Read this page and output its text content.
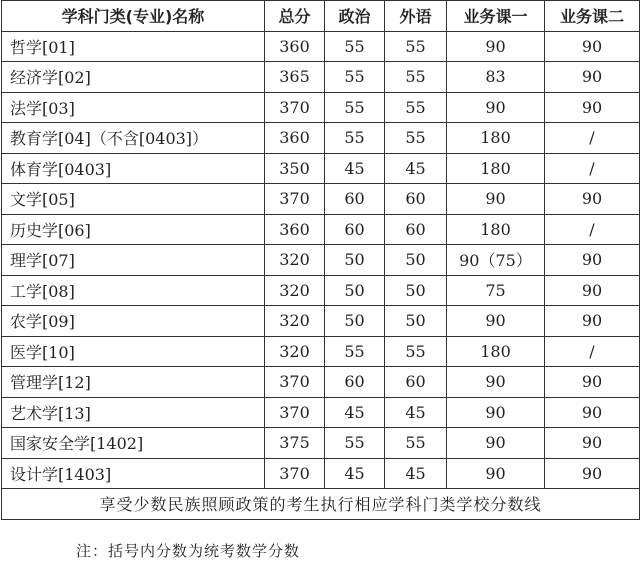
学科门类(专业)名称	总分	政治	外语	业务课一	业务课二
哲学[01]	360	55	55	90	90
经济学[02]	365	55	55	83	90
法学[03]	370	55	55	90	90
教育学[04]（不含[0403]）	360	55	55	180	/
体育学[0403]	350	45	45	180	/
文学[05]	370	60	60	90	90
历史学[06]	360	60	60	180	/
理学[07]	320	50	50	90（75）	90
工学[08]	320	50	50	75	90
农学[09]	320	50	50	90	90
医学[10]	320	55	55	180	/
管理学[12]	370	60	60	90	90
艺术学[13]	370	45	45	90	90
国家安全学[1402]	375	55	55	90	90
设计学[1403]	370	45	45	90	90
享受少数民族照顾政策的考生执行相应学科门类学校分数线					
注：括号内分数为统考数学分数
